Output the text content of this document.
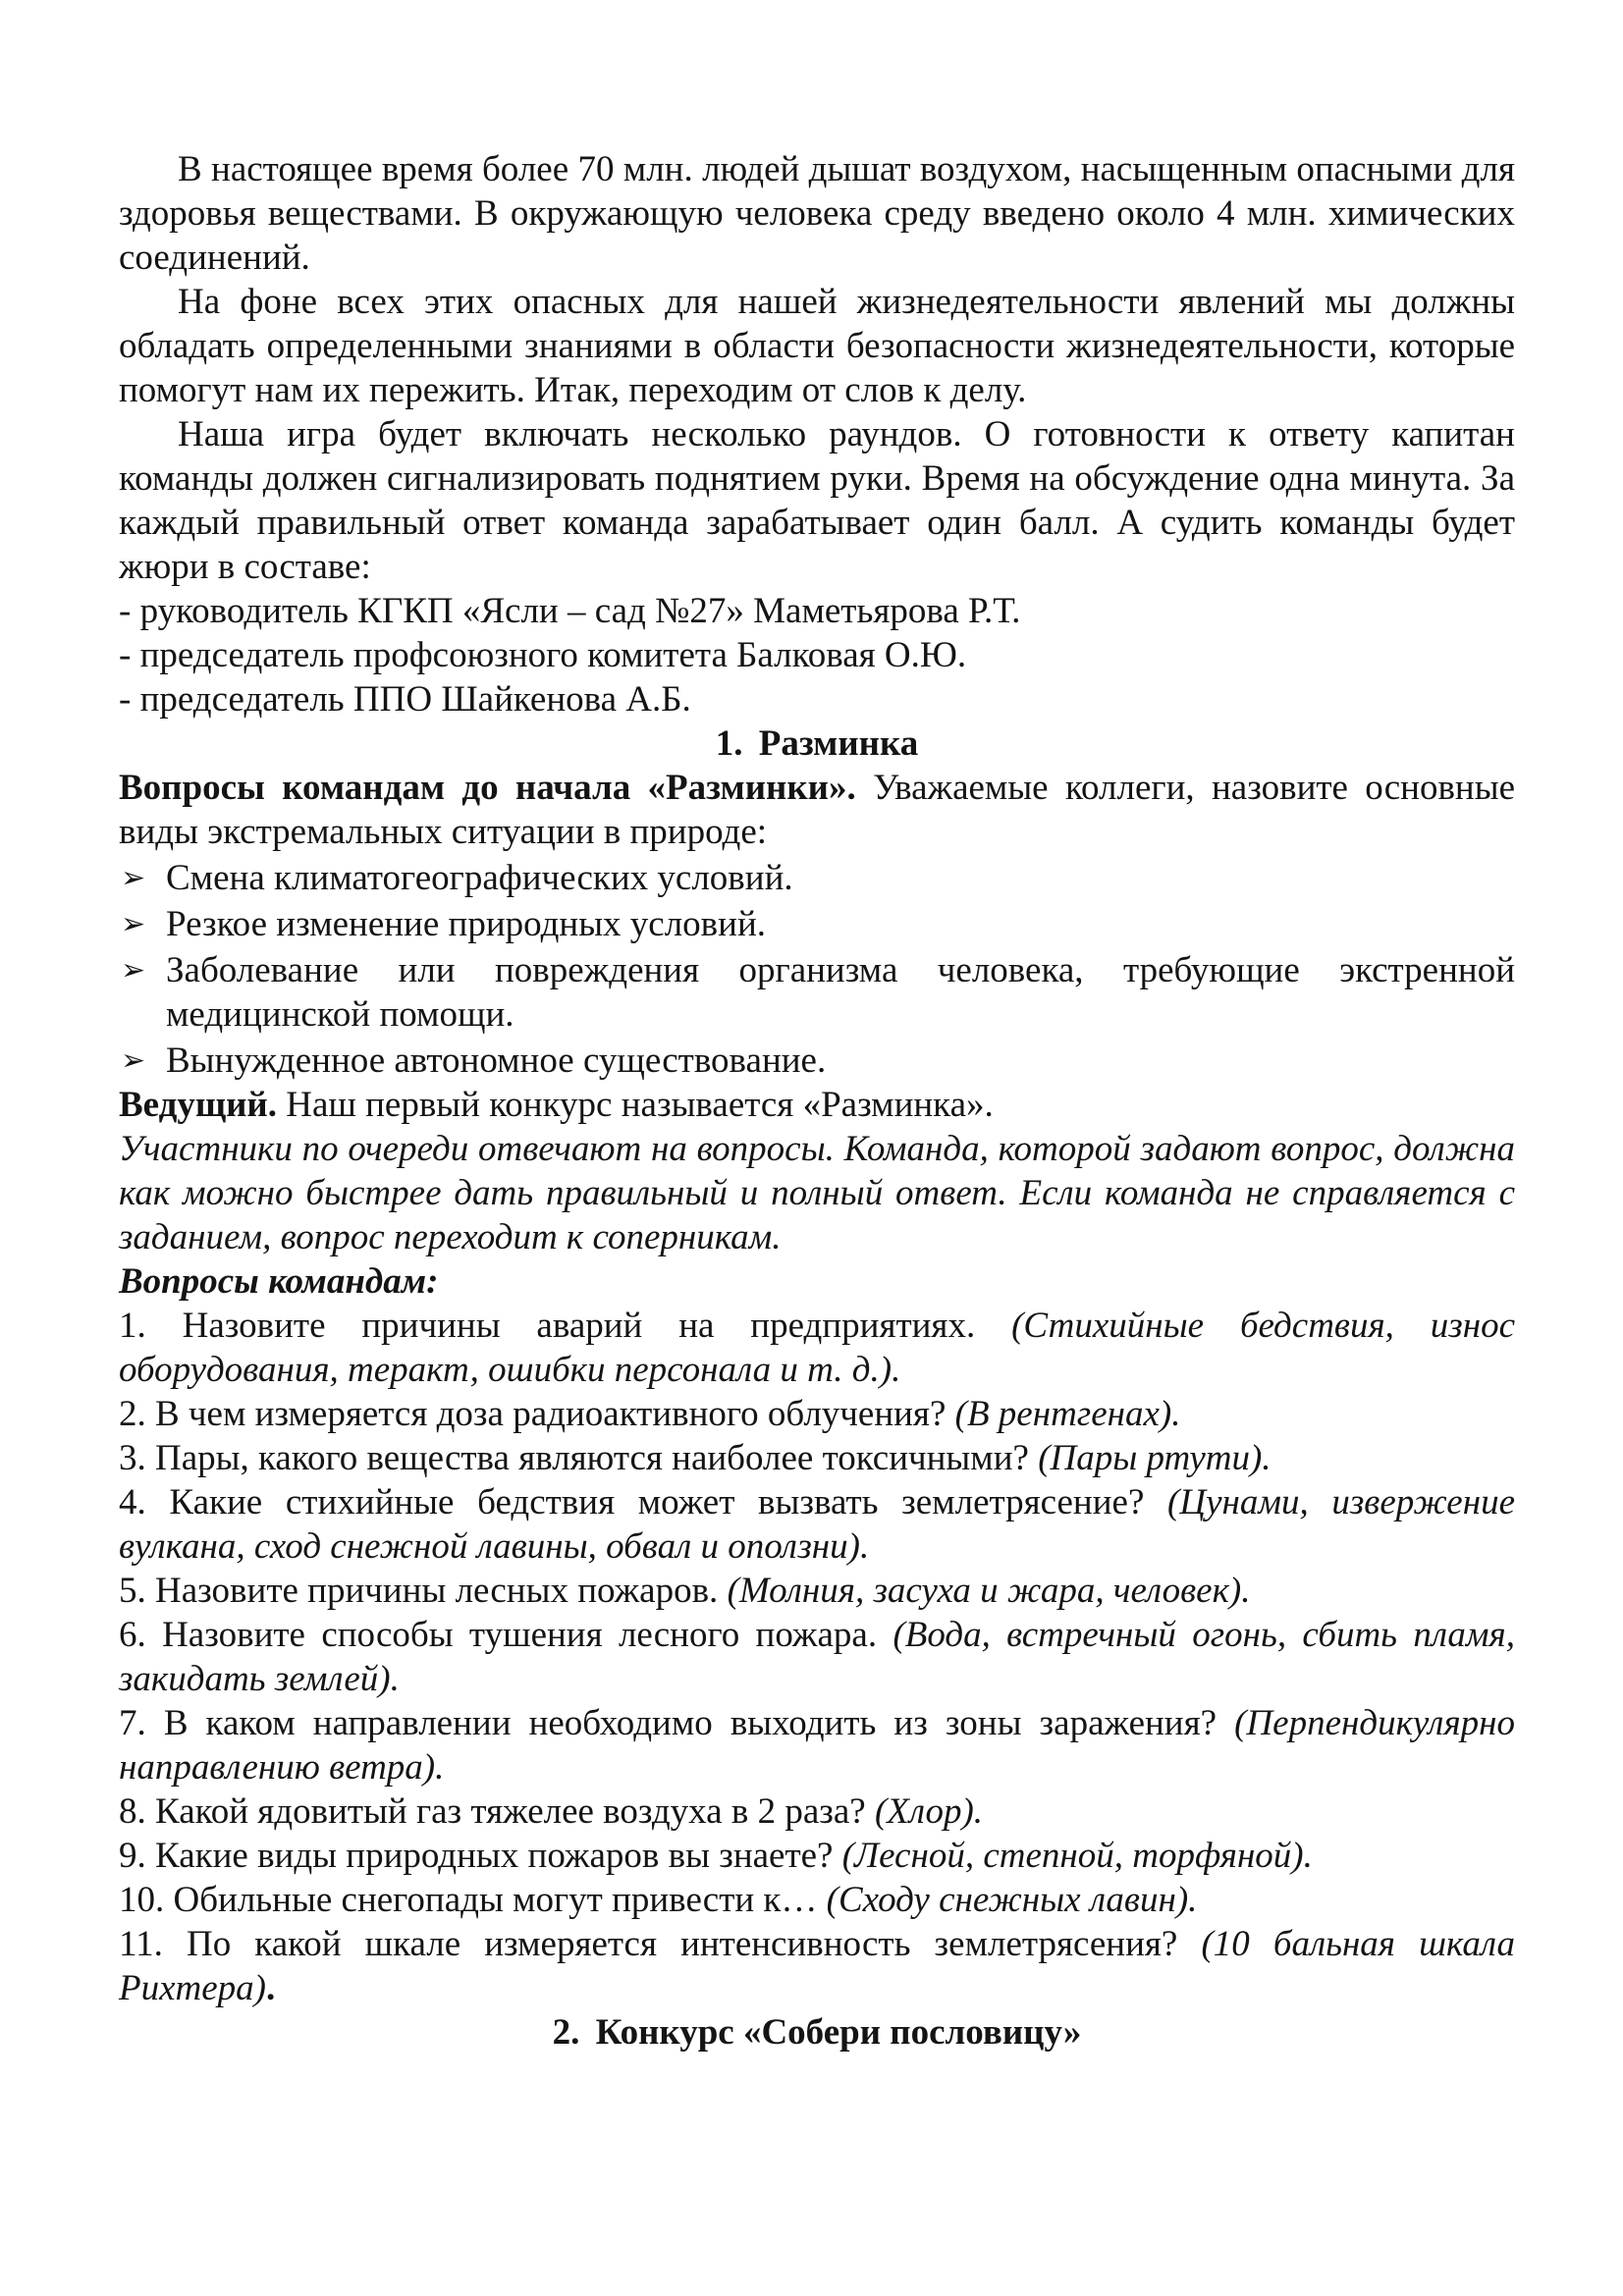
В настоящее время более 70 млн. людей дышат воздухом, насыщенным опасными для здоровья веществами. В окружающую человека среду введено около 4 млн. химических соединений.

На фоне всех этих опасных для нашей жизнедеятельности явлений мы должны обладать определенными знаниями в области безопасности жизнедеятельности, которые помогут нам их пережить. Итак, переходим от слов к делу.

Наша игра будет включать несколько раундов. О готовности к ответу капитан команды должен сигнализировать поднятием руки. Время на обсуждение одна минута. За каждый правильный ответ команда зарабатывает один балл. А судить команды будет жюри в составе:

- руководитель КГКП «Ясли – сад №27» Маметьярова Р.Т.

- председатель профсоюзного комитета Балковая О.Ю.

- председатель ППО Шайкенова А.Б.

1. Разминка

Вопросы командам до начала «Разминки». Уважаемые коллеги, назовите основные виды экстремальных ситуации в природе:

➢ Смена климатогеографических условий.
➢ Резкое изменение природных условий.
➢ Заболевание или повреждения организма человека, требующие экстренной медицинской помощи.
➢ Вынужденное автономное существование.

Ведущий. Наш первый конкурс называется «Разминка».

Участники по очереди отвечают на вопросы. Команда, которой задают вопрос, должна как можно быстрее дать правильный и полный ответ. Если команда не справляется с заданием, вопрос переходит к соперникам.

Вопросы командам:

1. Назовите причины аварий на предприятиях. (Стихийные бедствия, износ оборудования, теракт, ошибки персонала и т. д.).

2. В чем измеряется доза радиоактивного облучения? (В рентгенах).

3. Пары, какого вещества являются наиболее токсичными? (Пары ртути).

4. Какие стихийные бедствия может вызвать землетрясение? (Цунами, извержение вулкана, сход снежной лавины, обвал и оползни).

5. Назовите причины лесных пожаров. (Молния, засуха и жара, человек).

6. Назовите способы тушения лесного пожара. (Вода, встречный огонь, сбить пламя, закидать землей).

7. В каком направлении необходимо выходить из зоны заражения? (Перпендикулярно направлению ветра).

8. Какой ядовитый газ тяжелее воздуха в 2 раза? (Хлор).

9. Какие виды природных пожаров вы знаете? (Лесной, степной, торфяной).

10. Обильные снегопады могут привести к… (Сходу снежных лавин).

11. По какой шкале измеряется интенсивность землетрясения? (10 бальная шкала Рихтера).

2. Конкурс «Собери пословицу»
